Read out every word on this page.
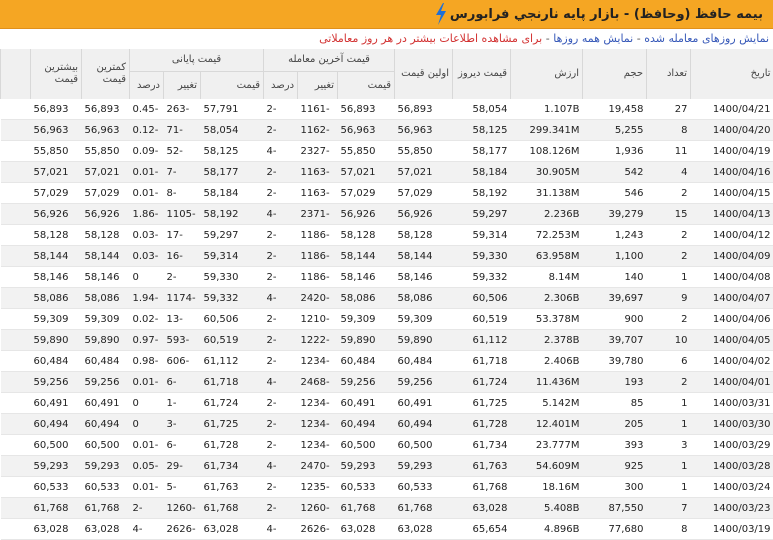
بیمه حافظ (وحافظ) - بازار پایه نارنجي فرابورس
نمایش روزهای معامله شده - نمایش همه روزها - برای مشاهده اطلاعات بیشتر در هر روز معاملاتی
تاریخ	تعداد	حجم	ارزش	قیمت دیروز	اولین قیمت	قیمت آخرین معامله			قیمت پایانی			کمترین قیمت	بیشترین قیمت	
						قیمت	تغییر	درصد	قیمت	تغییر	درصد			
1400/04/21	27	19,458	1.107B	58,054	56,893	56,893	-1161	-2	57,791	-263	-0.45	56,893	56,893	
1400/04/20	8	5,255	299.341M	58,125	56,963	56,963	-1162	-2	58,054	-71	-0.12	56,963	56,963	
1400/04/19	11	1,936	108.126M	58,177	55,850	55,850	-2327	-4	58,125	-52	-0.09	55,850	55,850	
1400/04/16	4	542	30.905M	58,184	57,021	57,021	-1163	-2	58,177	-7	-0.01	57,021	57,021	
1400/04/15	2	546	31.138M	58,192	57,029	57,029	-1163	-2	58,184	-8	-0.01	57,029	57,029	
1400/04/13	15	39,279	2.236B	59,297	56,926	56,926	-2371	-4	58,192	-1105	-1.86	56,926	56,926	
1400/04/12	2	1,243	72.253M	59,314	58,128	58,128	-1186	-2	59,297	-17	-0.03	58,128	58,128	
1400/04/09	2	1,100	63.958M	59,330	58,144	58,144	-1186	-2	59,314	-16	-0.03	58,144	58,144	
1400/04/08	1	140	8.14M	59,332	58,146	58,146	-1186	-2	59,330	-2	0	58,146	58,146	
1400/04/07	9	39,697	2.306B	60,506	58,086	58,086	-2420	-4	59,332	-1174	-1.94	58,086	58,086	
1400/04/06	2	900	53.378M	60,519	59,309	59,309	-1210	-2	60,506	-13	-0.02	59,309	59,309	
1400/04/05	10	39,707	2.378B	61,112	59,890	59,890	-1222	-2	60,519	-593	-0.97	59,890	59,890	
1400/04/02	6	39,780	2.406B	61,718	60,484	60,484	-1234	-2	61,112	-606	-0.98	60,484	60,484	
1400/04/01	2	193	11.436M	61,724	59,256	59,256	-2468	-4	61,718	-6	-0.01	59,256	59,256	
1400/03/31	1	85	5.142M	61,725	60,491	60,491	-1234	-2	61,724	-1	0	60,491	60,491	
1400/03/30	1	205	12.401M	61,728	60,494	60,494	-1234	-2	61,725	-3	0	60,494	60,494	
1400/03/29	3	393	23.777M	61,734	60,500	60,500	-1234	-2	61,728	-6	-0.01	60,500	60,500	
1400/03/28	1	925	54.609M	61,763	59,293	59,293	-2470	-4	61,734	-29	-0.05	59,293	59,293	
1400/03/24	1	300	18.16M	61,768	60,533	60,533	-1235	-2	61,763	-5	-0.01	60,533	60,533	
1400/03/23	7	87,550	5.408B	63,028	61,768	61,768	-1260	-2	61,768	-1260	-2	61,768	61,768	
1400/03/19	8	77,680	4.896B	65,654	63,028	63,028	-2626	-4	63,028	-2626	-4	63,028	63,028	
